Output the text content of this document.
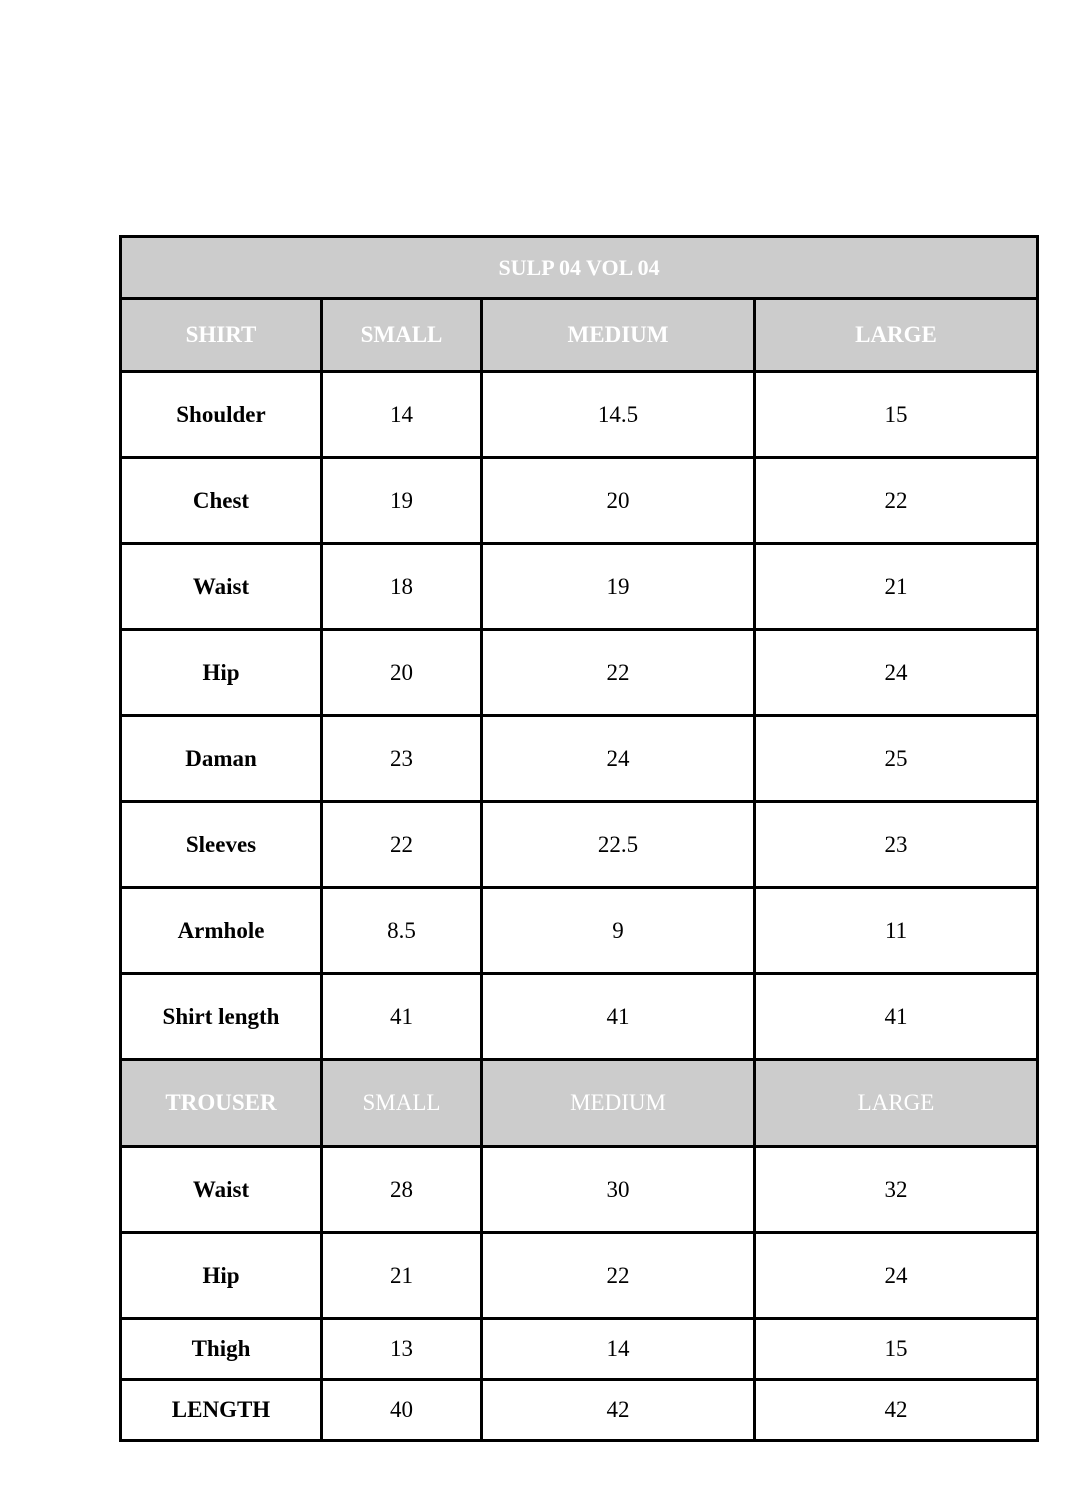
SULP 04 VOL 04			
SHIRT	SMALL	MEDIUM	LARGE
Shoulder	14	14.5	15
Chest	19	20	22
Waist	18	19	21
Hip	20	22	24
Daman	23	24	25
Sleeves	22	22.5	23
Armhole	8.5	9	11
Shirt length	41	41	41
TROUSER	SMALL	MEDIUM	LARGE
Waist	28	30	32
Hip	21	22	24
Thigh	13	14	15
LENGTH	40	42	42
